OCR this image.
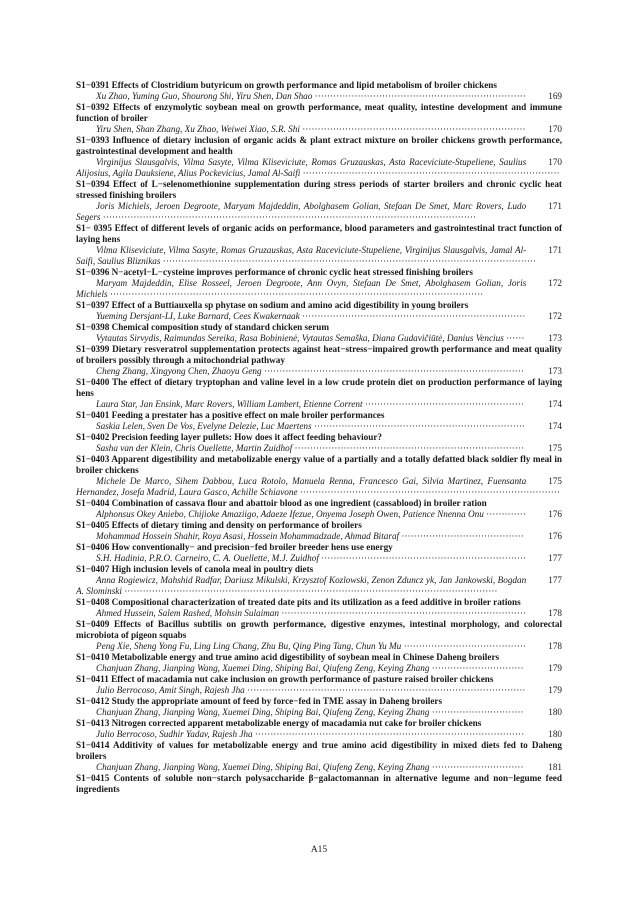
S1−0391 Effects of Clostridium butyricum on growth performance and lipid metabolism of broiler chickens
169
Xu Zhao, Yuming Guo, Shourong Shi, Yiru Shen, Dan Shao ·····································································
S1−0392 Effects of enzymolytic soybean meal on growth performance, meat quality, intestine development and immune function of broiler
170
Yiru Shen, Shan Zhang, Xu Zhao, Weiwei Xiao, S.R. Shi ·········································································
S1−0393 Influence of dietary inclusion of organic acids & plant extract mixture on broiler chickens growth performance, gastrointestinal development and health
170
Virginijus Slausgalvis, Vilma Sasyte, Vilma Kliseviciute, Romas Gruzauskas, Asta Raceviciute-Stupeliene, Saulius Alijosius, Agila Dauksiene, Alius Pockevicius, Jamal Al-Saifi ····················································································
S1−0394 Effect of L−selenomethionine supplementation during stress periods of starter broilers and chronic cyclic heat stressed finishing broilers
171
Joris Michiels, Jeroen Degroote, Maryam Majdeddin, Abolghasem Golian, Stefaan De Smet, Marc Rovers, Ludo Segers ··························································································································
S1− 0395 Effect of different levels of organic acids on performance, blood parameters and gastrointestinal tract function of laying hens
171
Vilma Kliseviciute, Vilma Sasyte, Romas Gruzauskas, Asta Raceviciute-Stupeliene, Virginijus Slausgalvis, Jamal Al-Saifi, Saulius Bliznikas ··························································································································
S1−0396 N−acetyl−L−cysteine improves performance of chronic cyclic heat stressed finishing broilers
172
Maryam Majdeddin, Elise Rosseel, Jeroen Degroote, Ann Ovyn, Stefaan De Smet, Abolghasem Golian, Joris Michiels ··························································································································
S1−0397 Effect of a Buttiauxella sp phytase on sodium and amino acid digestibility in young broilers
172
Yueming Dersjant-LI, Luke Barnard, Cees Kwakernaak ·········································································
S1−0398 Chemical composition study of standard chicken serum
173
Vytautas Sirvydis, Raimundas Sereika, Rasa Bobinienė, Vytautas Semaška, Diana Gudavičiūtė, Danius Vencius ······
S1−0399 Dietary resveratrol supplementation protects against heat−stress−impaired growth performance and meat quality of broilers possibly through a mitochondrial pathway
173
Cheng Zhang, Xingyong Chen, Zhaoyu Geng ·····················································································
S1−0400 The effect of dietary tryptophan and valine level in a low crude protein diet on production performance of laying hens
174
Laura Star, Jan Ensink, Marc Rovers, William Lambert, Etienne Corrent ····················································
S1−0401 Feeding a prestater has a positive effect on male broiler performances
174
Saskia Lelen, Sven De Vos, Evelyne Delezie, Luc Maertens ·····································································
S1−0402 Precision feeding layer pullets: How does it affect feeding behaviour?
175
Sasha van der Klein, Chris Ouellette, Martin Zuidhof ···········································································
S1−0403 Apparent digestibility and metabolizable energy value of a partially and a totally defatted black soldier fly meal in broiler chickens
175
Michele De Marco, Sihem Dabbou, Luca Rotolo, Manuela Renna, Francesco Gai, Silvia Martinez, Fuensanta Hernandez, Josefa Madrid, Laura Gasco, Achille Schiavone ·····················································································
S1−0404 Combination of cassava flour and abattoir blood as one ingredient (cassablood) in broiler ration
176
Alphonsus Okey Aniebo, Chijioke Amaziigo, Adaeze Ifezue, Onyema Joseph Owen, Patience Nnenna Onu ·············
S1−0405 Effects of dietary timing and density on performance of broilers
176
Mohammad Hossein Shahir, Roya Asasi, Hossein Mohammadzade, Ahmad Bitaraf ········································
S1−0406 How conventionally− and precision−fed broiler breeder hens use energy
177
S.H. Hadinia, P.R.O. Carneiro, C. A. Ouellette, M.J. Zuidhof ···································································
S1−0407 High inclusion levels of canola meal in poultry diets
177
Anna Rogiewicz, Mahshid Radfar, Dariusz Mikulski, Krzysztof Kozlowski, Zenon Zduncz yk, Jan Jankowski, Bogdan A. Slominski ··························································································································
S1−0408 Compositional characterization of treated date pits and its utilization as a feed additive in broiler rations
178
Ahmed Hussein, Salem Rashed, Mohsin Sulaiman ················································································
S1−0409 Effects of Bacillus subtilis on growth performance, digestive enzymes, intestinal morphology, and colorectal microbiota of pigeon squabs
178
Peng Xie, Sheng Yong Fu, Ling Ling Chang, Zhu Bu, Qing Ping Tang, Chun Yu Mu ········································
S1−0410 Metabolizable energy and true amino acid digestibility of soybean meal in Chinese Daheng broilers
179
Chanjuan Zhang, Jianping Wang, Xuemei Ding, Shiping Bai, Qiufeng Zeng, Keying Zhang ······························
S1−0411 Effect of macadamia nut cake inclusion on growth performance of pasture raised broiler chickens
179
Julio Berrocoso, Amit Singh, Rajesh Jha ···························································································
S1−0412 Study the appropriate amount of feed by force−fed in TME assay in Daheng broilers
180
Chanjuan Zhang, Jianping Wang, Xuemei Ding, Shiping Bai, Qiufeng Zeng, Keying Zhang ······························
S1−0413 Nitrogen corrected apparent metabolizable energy of macadamia nut cake for broiler chickens
180
Julio Berrocoso, Sudhir Yadav, Rajesh Jha ························································································
S1−0414 Additivity of values for metabolizable energy and true amino acid digestibility in mixed diets fed to Daheng broilers
181
Chanjuan Zhang, Jianping Wang, Xuemei Ding, Shiping Bai, Qiufeng Zeng, Keying Zhang ······························
S1−0415 Contents of soluble non−starch polysaccharide β−galactomannan in alternative legume and non−legume feed ingredients
A15
